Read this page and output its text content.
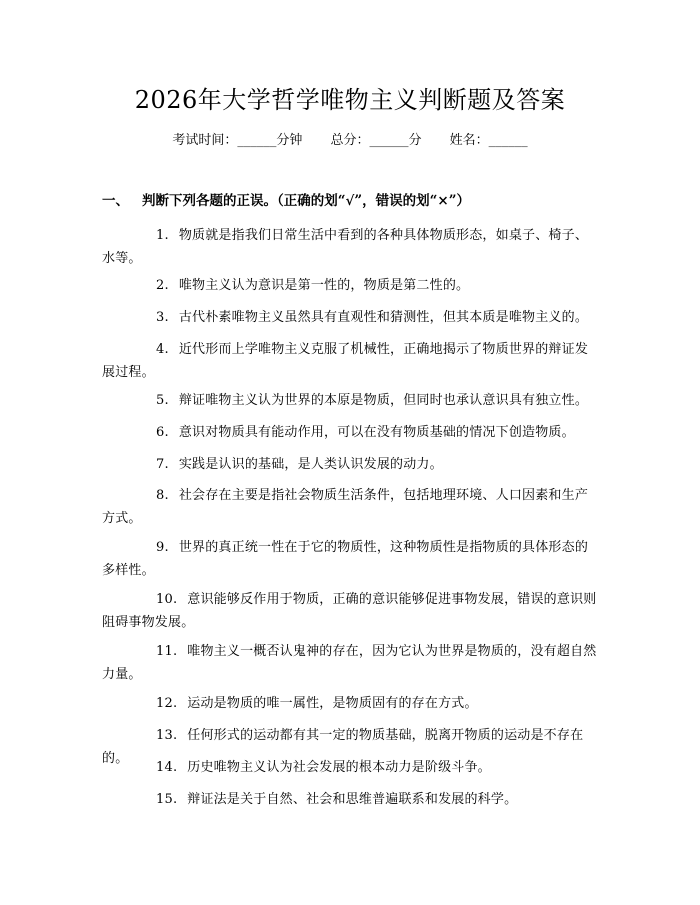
2026年大学哲学唯物主义判断题及答案
考试时间：______分钟 总分：______分 姓名：______
一、 判断下列各题的正误。（正确的划“√”，错误的划“×”）
1. 物质就是指我们日常生活中看到的各种具体物质形态，如桌子、椅子、水等。
2. 唯物主义认为意识是第一性的，物质是第二性的。
3. 古代朴素唯物主义虽然具有直观性和猜测性，但其本质是唯物主义的。
4. 近代形而上学唯物主义克服了机械性，正确地揭示了物质世界的辩证发展过程。
5. 辩证唯物主义认为世界的本原是物质，但同时也承认意识具有独立性。
6. 意识对物质具有能动作用，可以在没有物质基础的情况下创造物质。
7. 实践是认识的基础，是人类认识发展的动力。
8. 社会存在主要是指社会物质生活条件，包括地理环境、人口因素和生产方式。
9. 世界的真正统一性在于它的物质性，这种物质性是指物质的具体形态的多样性。
10. 意识能够反作用于物质，正确的意识能够促进事物发展，错误的意识则阻碍事物发展。
11. 唯物主义一概否认鬼神的存在，因为它认为世界是物质的，没有超自然力量。
12. 运动是物质的唯一属性，是物质固有的存在方式。
13. 任何形式的运动都有其一定的物质基础，脱离开物质的运动是不存在的。
14. 历史唯物主义认为社会发展的根本动力是阶级斗争。
15. 辩证法是关于自然、社会和思维普遍联系和发展的科学。
